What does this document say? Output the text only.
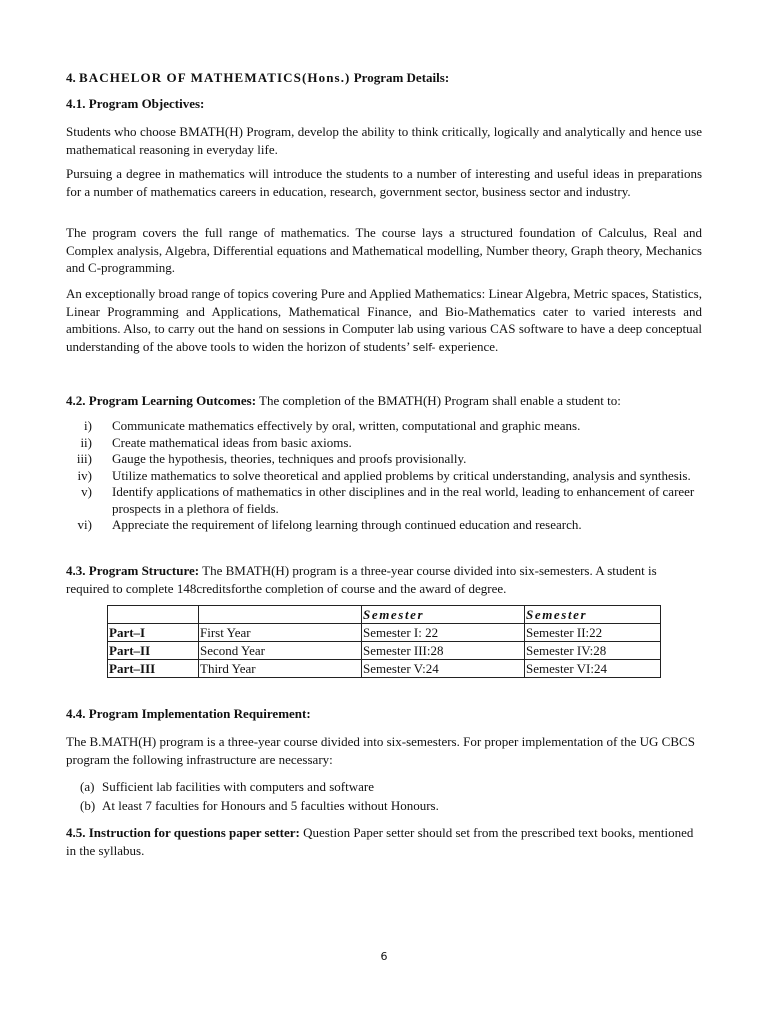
4. BACHELOR OF MATHEMATICS(Hons.) Program Details:
4.1. Program Objectives:

Students who choose BMATH(H) Program, develop the ability to think critically, logically and analytically and hence use mathematical reasoning in everyday life.

Pursuing a degree in mathematics will introduce the students to a number of interesting and useful ideas in preparations for a number of mathematics careers in education, research, government sector, business sector and industry.

The program covers the full range of mathematics. The course lays a structured foundation of Calculus, Real and Complex analysis, Algebra, Differential equations and Mathematical modelling, Number theory, Graph theory, Mechanics and C-programming.

An exceptionally broad range of topics covering Pure and Applied Mathematics: Linear Algebra, Metric spaces, Statistics, Linear Programming and Applications, Mathematical Finance, and Bio-Mathematics cater to varied interests and ambitions. Also, to carry out the hand on sessions in Computer lab using various CAS software to have a deep conceptual understanding of the above tools to widen the horizon of students’ self- experience.

4.2. Program Learning Outcomes: The completion of the BMATH(H) Program shall enable a student to:

i) Communicate mathematics effectively by oral, written, computational and graphic means.
ii) Create mathematical ideas from basic axioms.
iii) Gauge the hypothesis, theories, techniques and proofs provisionally.
iv) Utilize mathematics to solve theoretical and applied problems by critical understanding, analysis and synthesis.
v) Identify applications of mathematics in other disciplines and in the real world, leading to enhancement of career prospects in a plethora of fields.
vi) Appreciate the requirement of lifelong learning through continued education and research.

4.3. Program Structure: The BMATH(H) program is a three-year course divided into six-semesters. A student is required to complete 148creditsforthe completion of course and the award of degree.

		Semester	Semester
Part–I	First Year	Semester I: 22	Semester II:22
Part–II	Second Year	Semester III:28	Semester IV:28
Part–III	Third Year	Semester V:24	Semester VI:24
4.4. Program Implementation Requirement:

The B.MATH(H) program is a three-year course divided into six-semesters. For proper implementation of the UG CBCS program the following infrastructure are necessary:

(a) Sufficient lab facilities with computers and software
(b) At least 7 faculties for Honours and 5 faculties without Honours.

4.5. Instruction for questions paper setter: Question Paper setter should set from the prescribed text books, mentioned in the syllabus.

6
